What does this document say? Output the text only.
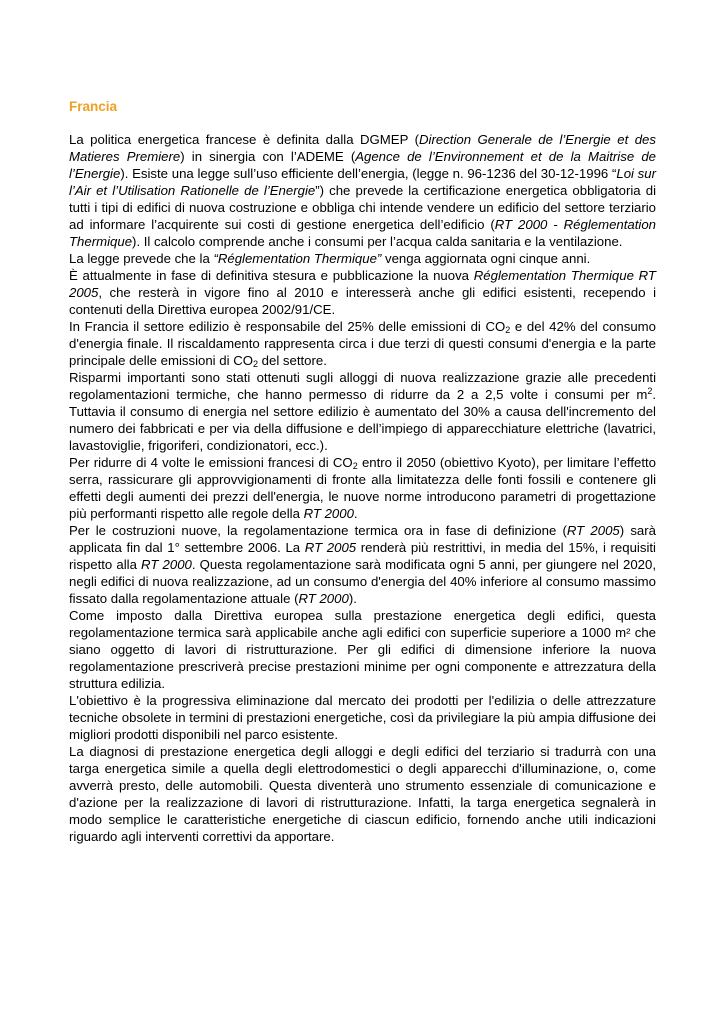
Francia

La politica energetica francese è definita dalla DGMEP (Direction Generale de l’Energie et des Matieres Premiere) in sinergia con l’ADEME (Agence de l’Environnement et de la Maitrise de l’Energie). Esiste una legge sull’uso efficiente dell’energia, (legge n. 96-1236 del 30-12-1996 “Loi sur l’Air et l’Utilisation Rationelle de l’Energie”) che prevede la certificazione energetica obbligatoria di tutti i tipi di edifici di nuova costruzione e obbliga chi intende vendere un edificio del settore terziario ad informare l’acquirente sui costi di gestione energetica dell’edificio (RT 2000 - Réglementation Thermique). Il calcolo comprende anche i consumi per l’acqua calda sanitaria e la ventilazione.

La legge prevede che la “Réglementation Thermique” venga aggiornata ogni cinque anni.

È attualmente in fase di definitiva stesura e pubblicazione la nuova Réglementation Thermique RT 2005, che resterà in vigore fino al 2010 e interesserà anche gli edifici esistenti, recependo i contenuti della Direttiva europea 2002/91/CE.

In Francia il settore edilizio è responsabile del 25% delle emissioni di $CO_2$ e del 42% del consumo d'energia finale. Il riscaldamento rappresenta circa i due terzi di questi consumi d'energia e la parte principale delle emissioni di $CO_2$ del settore.

Risparmi importanti sono stati ottenuti sugli alloggi di nuova realizzazione grazie alle precedenti regolamentazioni termiche, che hanno permesso di ridurre da 2 a 2,5 volte i consumi per $m^2$. Tuttavia il consumo di energia nel settore edilizio è aumentato del 30% a causa dell'incremento del numero dei fabbricati e per via della diffusione e dell’impiego di apparecchiature elettriche (lavatrici, lavastoviglie, frigoriferi, condizionatori, ecc.).

Per ridurre di 4 volte le emissioni francesi di $CO_2$ entro il 2050 (obiettivo Kyoto), per limitare l’effetto serra, rassicurare gli approvvigionamenti di fronte alla limitatezza delle fonti fossili e contenere gli effetti degli aumenti dei prezzi dell'energia, le nuove norme introducono parametri di progettazione più performanti rispetto alle regole della RT 2000.

Per le costruzioni nuove, la regolamentazione termica ora in fase di definizione (RT 2005) sarà applicata fin dal 1° settembre 2006. La RT 2005 renderà più restrittivi, in media del 15%, i requisiti rispetto alla RT 2000. Questa regolamentazione sarà modificata ogni 5 anni, per giungere nel 2020, negli edifici di nuova realizzazione, ad un consumo d'energia del 40% inferiore al consumo massimo fissato dalla regolamentazione attuale (RT 2000).

Come imposto dalla Direttiva europea sulla prestazione energetica degli edifici, questa regolamentazione termica sarà applicabile anche agli edifici con superficie superiore a 1000 m² che siano oggetto di lavori di ristrutturazione. Per gli edifici di dimensione inferiore la nuova regolamentazione prescriverà precise prestazioni minime per ogni componente e attrezzatura della struttura edilizia.

L'obiettivo è la progressiva eliminazione dal mercato dei prodotti per l'edilizia o delle attrezzature tecniche obsolete in termini di prestazioni energetiche, così da privilegiare la più ampia diffusione dei migliori prodotti disponibili nel parco esistente.

La diagnosi di prestazione energetica degli alloggi e degli edifici del terziario si tradurrà con una targa energetica simile a quella degli elettrodomestici o degli apparecchi d'illuminazione, o, come avverrà presto, delle automobili. Questa diventerà uno strumento essenziale di comunicazione e d'azione per la realizzazione di lavori di ristrutturazione. Infatti, la targa energetica segnalerà in modo semplice le caratteristiche energetiche di ciascun edificio, fornendo anche utili indicazioni riguardo agli interventi correttivi da apportare.
